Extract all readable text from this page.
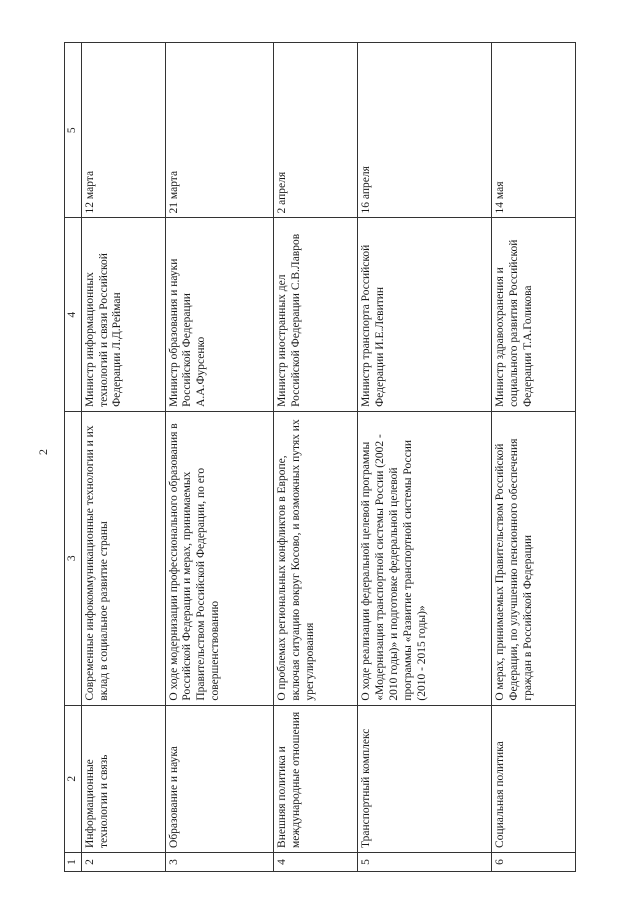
2
1	2	3	4	5
2	Информационные технологии и связь	Современные инфокоммуникационные технологии и их вклад в социальное развитие страны	Министр информационных технологий и связи Российской Федерации Л.Д.Рейман	12 марта
3	Образование и наука	О ходе модернизации профессионального образования в Российской Федерации и мерах, принимаемых Правительством Российской Федерации, по его совершенствованию	Министр образования и науки Российской Федерации А.А.Фурсенко	21 марта
4	Внешняя политика и международные отношения	О проблемах региональных конфликтов в Европе, включая ситуацию вокруг Косово, и возможных путях их урегулирования	Министр иностранных дел Российской Федерации С.В.Лавров	2 апреля
5	Транспортный комплекс	О ходе реализации федеральной целевой программы «Модернизация транспортной системы России (2002 - 2010 годы)» и подготовке федеральной целевой программы «Развитие транспортной системы России (2010 - 2015 годы)»	Министр транспорта Российской Федерации И.Е.Левитин	16 апреля
6	Социальная политика	О мерах, принимаемых Правительством Российской Федерации, по улучшению пенсионного обеспечения граждан в Российской Федерации	Министр здравоохранения и социального развития Российской Федерации Т.А.Голикова	14 мая
